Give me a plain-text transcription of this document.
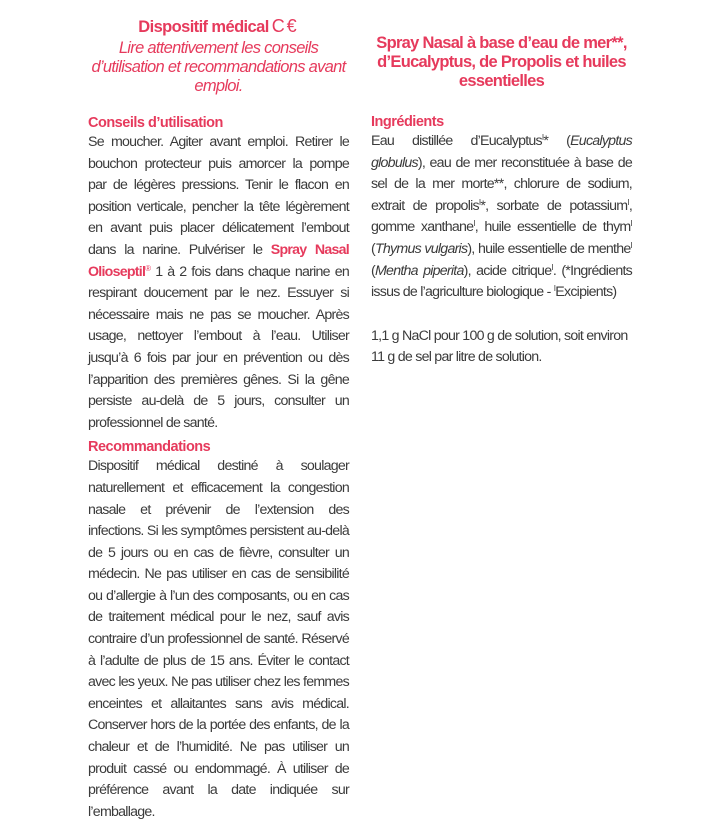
Dispositif médical C€
Lire attentivement les conseils d’utilisation et recommandations avant emploi.
Conseils d’utilisation
Se moucher. Agiter avant emploi. Retirer le bouchon protecteur puis amorcer la pompe par de légères pressions. Tenir le flacon en position verticale, pencher la tête légèrement en avant puis placer délicatement l’embout dans la narine. Pulvériser le Spray Nasal Olioseptil® 1 à 2 fois dans chaque narine en respirant doucement par le nez. Essuyer si nécessaire mais ne pas se moucher. Après usage, nettoyer l’embout à l’eau. Utiliser jusqu’à 6 fois par jour en prévention ou dès l’apparition des premières gênes. Si la gêne persiste au-delà de 5 jours, consulter un professionnel de santé.
Recommandations
Dispositif médical destiné à soulager naturellement et efficacement la congestion nasale et prévenir de l’extension des infections. Si les symptômes persistent au-delà de 5 jours ou en cas de fièvre, consulter un médecin. Ne pas utiliser en cas de sensibilité ou d’allergie à l’un des composants, ou en cas de traitement médical pour le nez, sauf avis contraire d’un professionnel de santé. Réservé à l’adulte de plus de 15 ans. Éviter le contact avec les yeux. Ne pas utiliser chez les femmes enceintes et allaitantes sans avis médical. Conserver hors de la portée des enfants, de la chaleur et de l’humidité. Ne pas utiliser un produit cassé ou endommagé. À utiliser de préférence avant la date indiquée sur l’emballage.
Spray Nasal à base d’eau de mer**, d’Eucalyptus, de Propolis et huiles essentielles
Ingrédients
Eau distillée d’Eucalyptus$^I$* (Eucalyptus globulus), eau de mer reconstituée à base de sel de la mer morte**, chlorure de sodium, extrait de propolis$^I$*, sorbate de potassium$^I$, gomme xanthane$^I$, huile essentielle de thym$^I$ (Thymus vulgaris), huile essentielle de menthe$^I$ (Mentha piperita), acide citrique$^I$. (*Ingrédients issus de l’agriculture biologique - $^I$Excipients)
1,1 g NaCl pour 100 g de solution, soit environ 11 g de sel par litre de solution.
